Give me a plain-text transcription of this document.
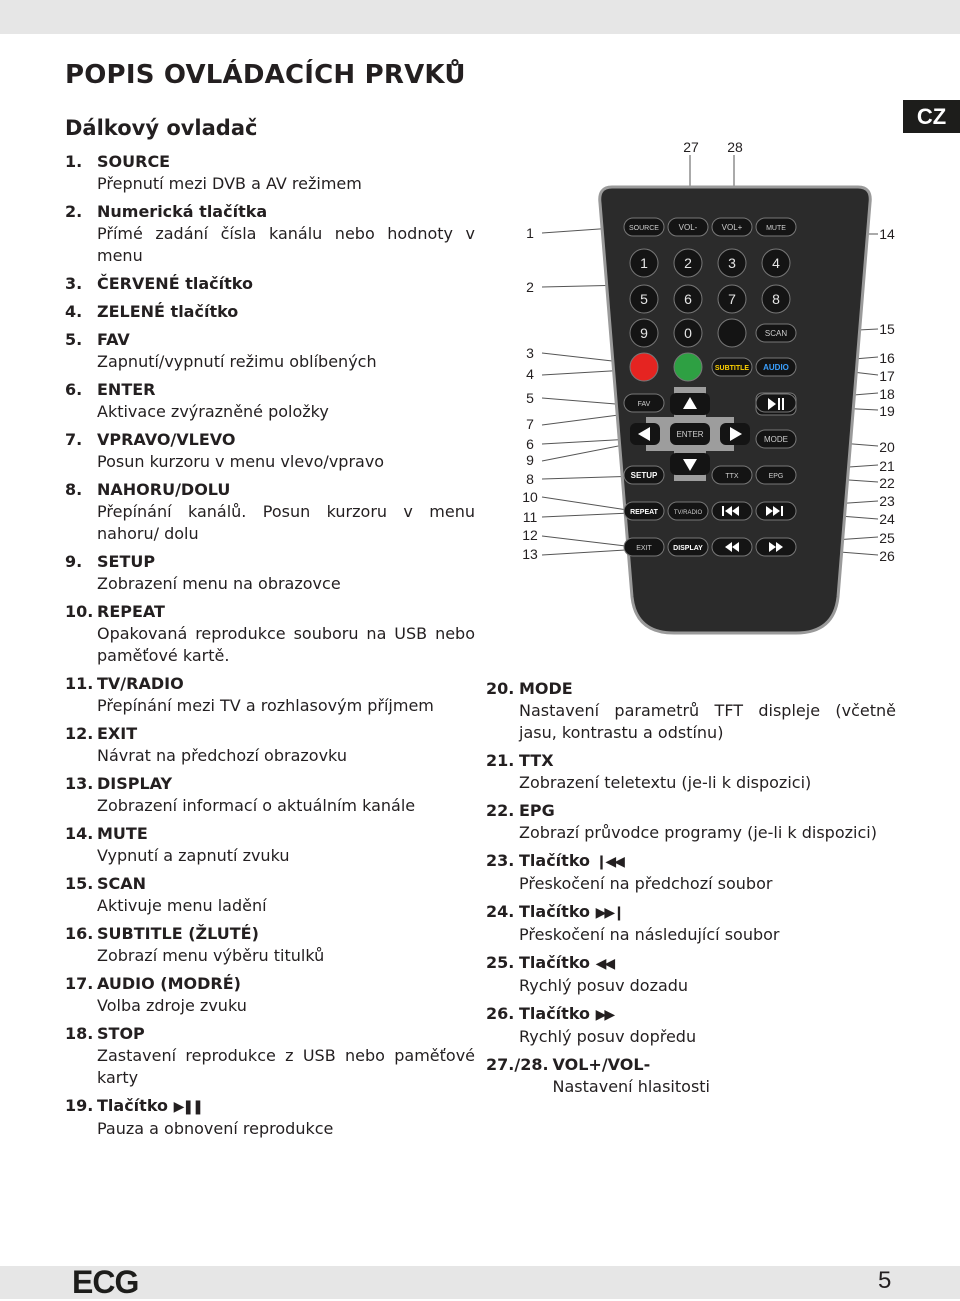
POPIS OVLÁDACÍCH PRVKŮ
Dálkový ovladač	CZ
1. SOURCE
Přepnutí mezi DVB a AV režimem
2. Numerická tlačítka
Přímé zadání čísla kanálu nebo hodnoty v menu
3. ČERVENÉ tlačítko
4. ZELENÉ tlačítko
5. FAV
Zapnutí/vypnutí režimu oblíbených
6. ENTER
Aktivace zvýrazněné položky
7. VPRAVO/VLEVO
Posun kurzoru v menu vlevo/vpravo
8. NAHORU/DOLU
Přepínání kanálů. Posun kurzoru v menu nahoru/ dolu
9. SETUP
Zobrazení menu na obrazovce
10. REPEAT
Opakovaná reprodukce souboru na USB nebo paměťové kartě.
11. TV/RADIO
Přepínání mezi TV a rozhlasovým příjmem
12. EXIT
Návrat na předchozí obrazovku
13. DISPLAY
Zobrazení informací o aktuálním kanále
14. MUTE
Vypnutí a zapnutí zvuku
15. SCAN
Aktivuje menu ladění
16. SUBTITLE (ŽLUTÉ)
Zobrazí menu výběru titulků
17. AUDIO (MODRÉ)
Volba zdroje zvuku
18. STOP
Zastavení reprodukce z USB nebo paměťové karty
19. Tlačítko ▶❚❚
Pauza a obnovení reprodukce
20. MODE
Nastavení parametrů TFT displeje (včetně jasu, kontrastu a odstínu)
21. TTX
Zobrazení teletextu (je-li k dispozici)
22. EPG
Zobrazí průvodce programy (je-li k dispozici)
23. Tlačítko ❙◀◀
Přeskočení na předchozí soubor
24. Tlačítko ▶▶❙
Přeskočení na následující soubor
25. Tlačítko ◀◀
Rychlý posuv dozadu
26. Tlačítko ▶▶
Rychlý posuv dopředu
27./28. VOL+/VOL-
Nastavení hlasitosti
SOURCE VOL-	VOL+	MUTE
1	2	3	4
5	6	7	8
9	0	SCAN
SUBTITLE AUDIO
ENTER
FAV
MODE
SETUP	TTX	EPG
REPEAT	TV/RADIO
EXIT	DISPLAY
1
2
3
4
5
7
6
9
8
10
11
12
13
14
15
16
17
18
19
20
21
22
23
24
25
26
27 28
ECG	5
